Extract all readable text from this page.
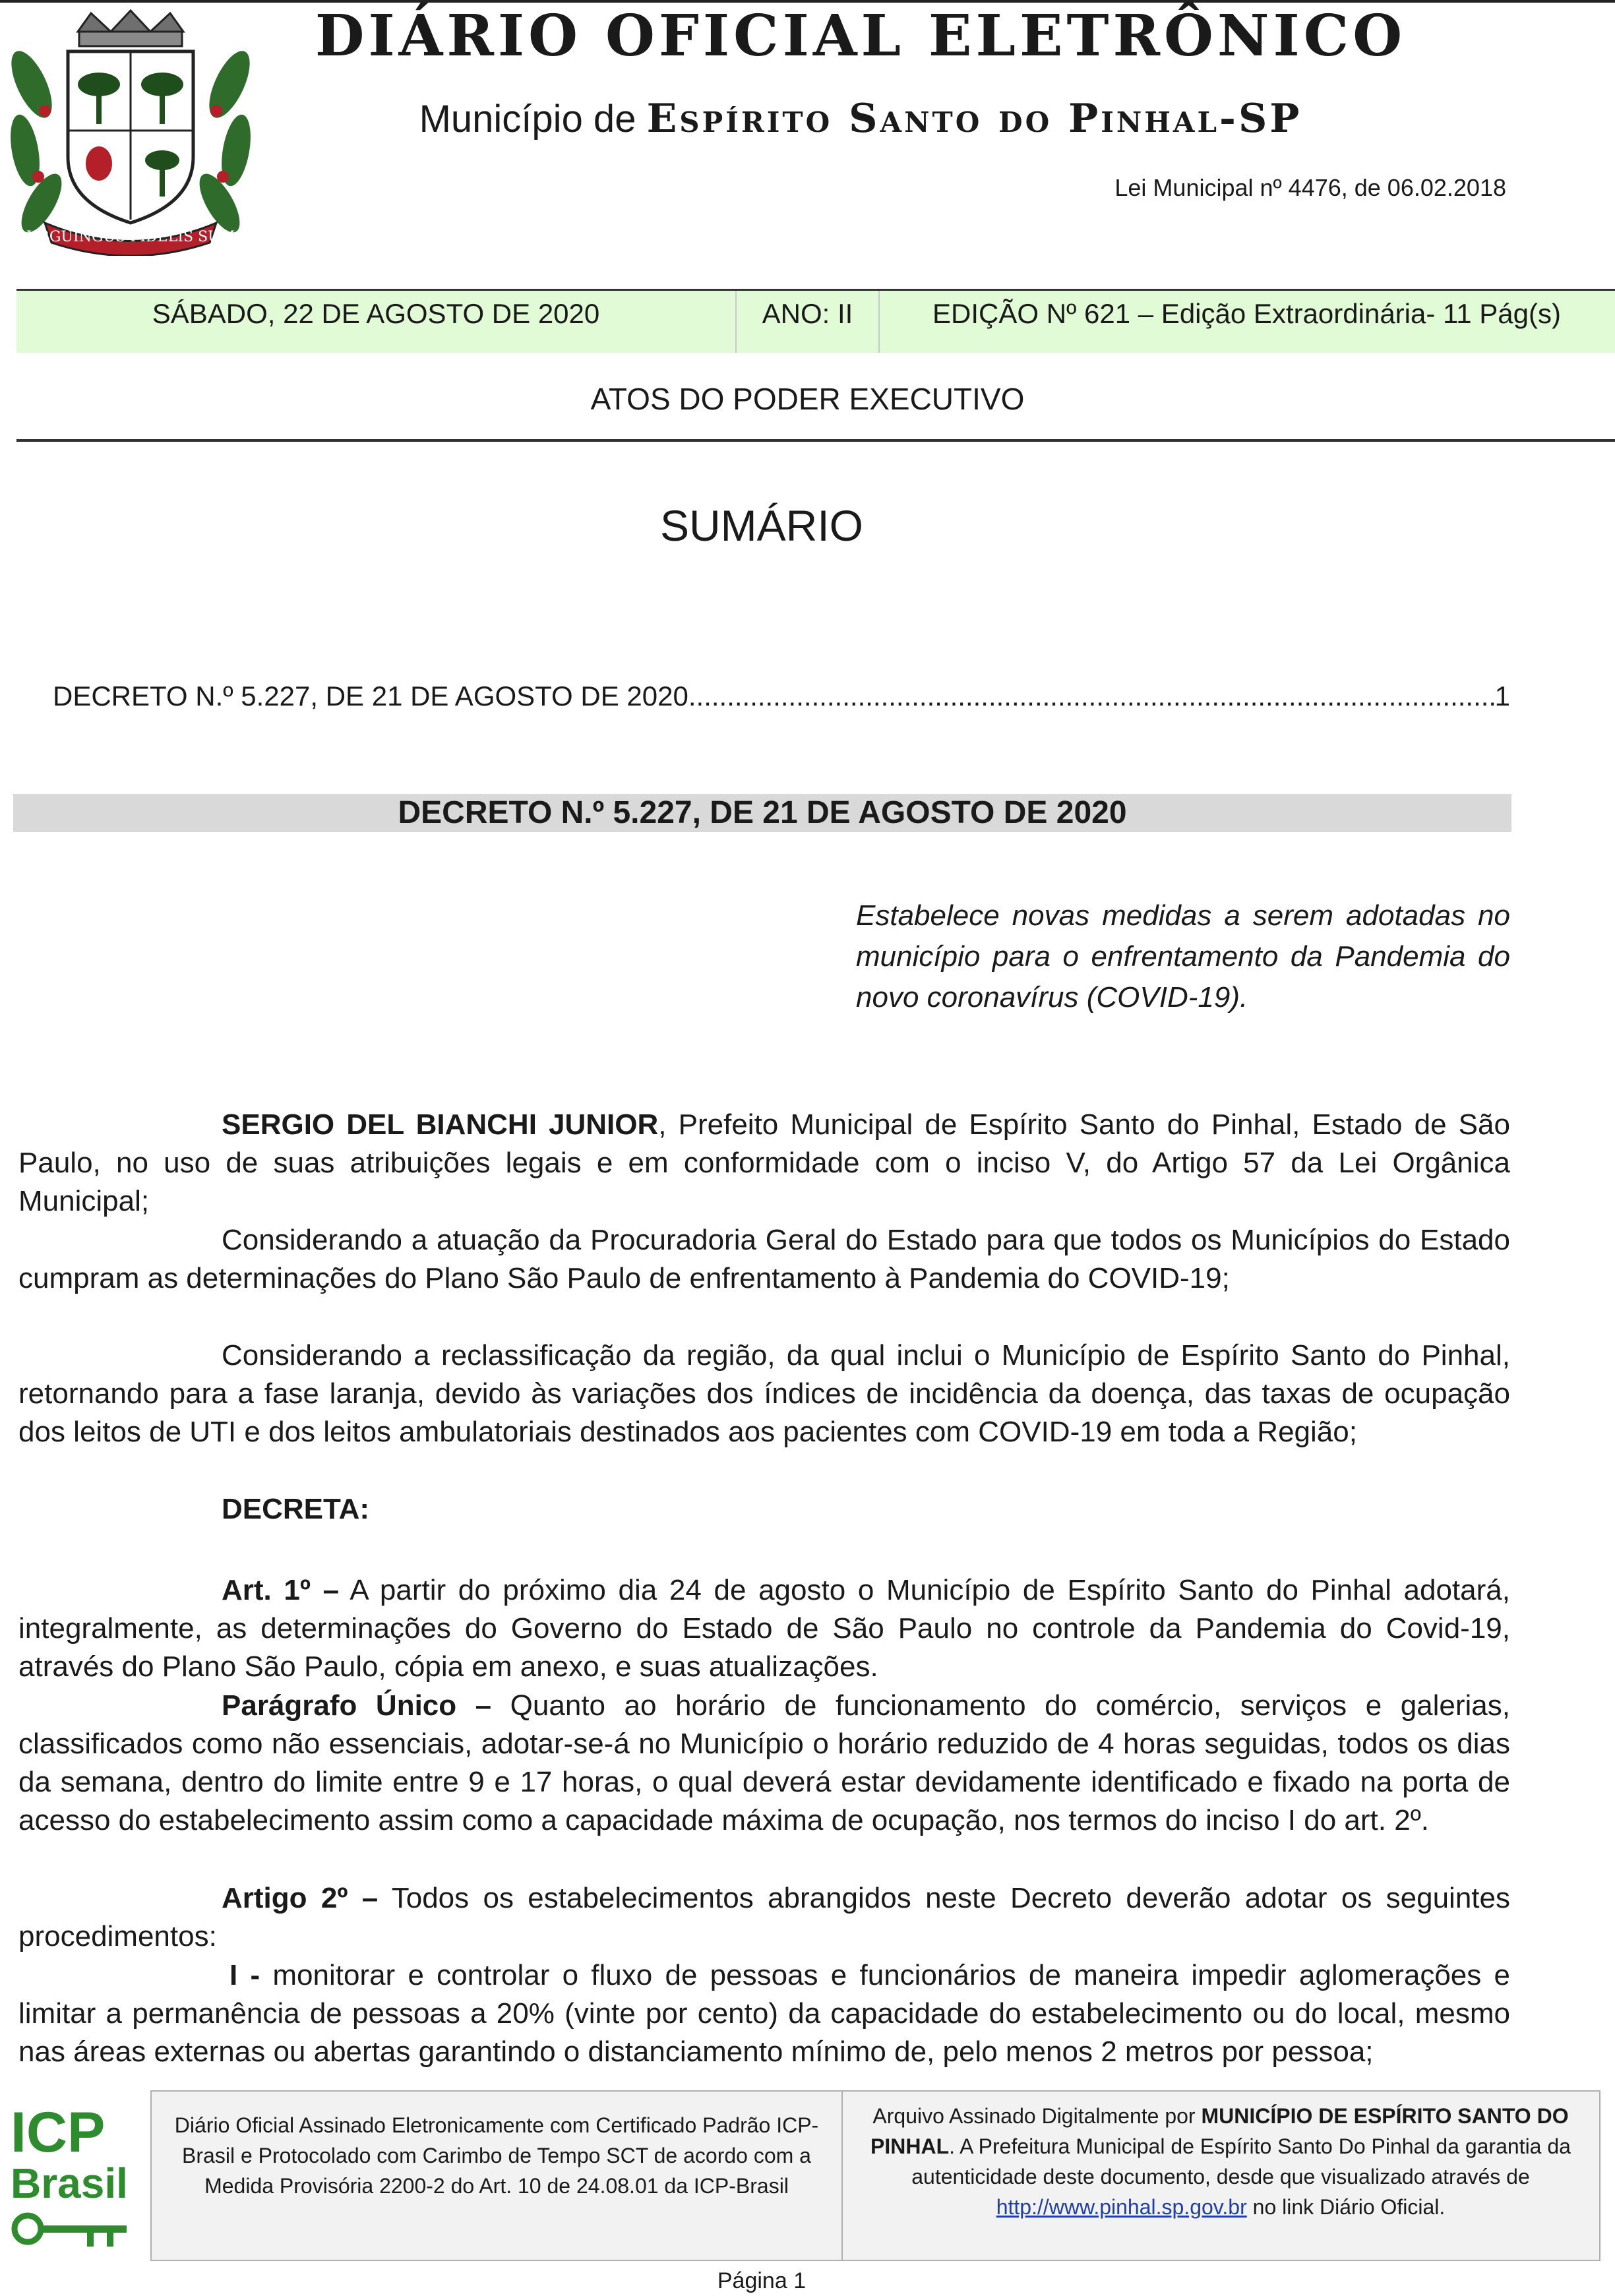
URGUINGUS FIDELIS SUM
DIÁRIO OFICIAL ELETRÔNICO
Município de Espírito Santo do Pinhal-SP
Lei Municipal nº 4476, de 06.02.2018
SÁBADO, 22 DE AGOSTO DE 2020	ANO: II	EDIÇÃO Nº 621 – Edição Extraordinária- 11 Pág(s)
ATOS DO PODER EXECUTIVO
SUMÁRIO
DECRETO N.º 5.227, DE 21 DE AGOSTO DE 2020
.....	1
DECRETO N.º 5.227, DE 21 DE AGOSTO DE 2020
Estabelece novas medidas a serem adotadas no município para o enfrentamento da Pandemia do novo coronavírus (COVID-19).
SERGIO DEL BIANCHI JUNIOR, Prefeito Municipal de Espírito Santo do Pinhal, Estado de São Paulo, no uso de suas atribuições legais e em conformidade com o inciso V, do Artigo 57 da Lei Orgânica Municipal;
Considerando a atuação da Procuradoria Geral do Estado para que todos os Municípios do Estado cumpram as determinações do Plano São Paulo de enfrentamento à Pandemia do COVID-19;
Considerando a reclassificação da região, da qual inclui o Município de Espírito Santo do Pinhal, retornando para a fase laranja, devido às variações dos índices de incidência da doença, das taxas de ocupação dos leitos de UTI e dos leitos ambulatoriais destinados aos pacientes com COVID-19 em toda a Região;
DECRETA:
Art. 1º – A partir do próximo dia 24 de agosto o Município de Espírito Santo do Pinhal adotará, integralmente, as determinações do Governo do Estado de São Paulo no controle da Pandemia do Covid-19, através do Plano São Paulo, cópia em anexo, e suas atualizações.
Parágrafo Único – Quanto ao horário de funcionamento do comércio, serviços e galerias, classificados como não essenciais, adotar-se-á no Município o horário reduzido de 4 horas seguidas, todos os dias da semana, dentro do limite entre 9 e 17 horas, o qual deverá estar devidamente identificado e fixado na porta de acesso do estabelecimento assim como a capacidade máxima de ocupação, nos termos do inciso I do art. 2º.
Artigo 2º – Todos os estabelecimentos abrangidos neste Decreto deverão adotar os seguintes procedimentos:
I - monitorar e controlar o fluxo de pessoas e funcionários de maneira impedir aglomerações e limitar a permanência de pessoas a 20% (vinte por cento) da capacidade do estabelecimento ou do local, mesmo nas áreas externas ou abertas garantindo o distanciamento mínimo de, pelo menos 2 metros por pessoa;
ICP
Brasil
Diário Oficial Assinado Eletronicamente com Certificado Padrão ICP-Brasil e Protocolado com Carimbo de Tempo SCT de acordo com a Medida Provisória 2200-2 do Art. 10 de 24.08.01 da ICP-Brasil
Arquivo Assinado Digitalmente por MUNICÍPIO DE ESPÍRITO SANTO DO PINHAL. A Prefeitura Municipal de Espírito Santo Do Pinhal da garantia da autenticidade deste documento, desde que visualizado através de http://www.pinhal.sp.gov.br no link Diário Oficial.
Página 1
